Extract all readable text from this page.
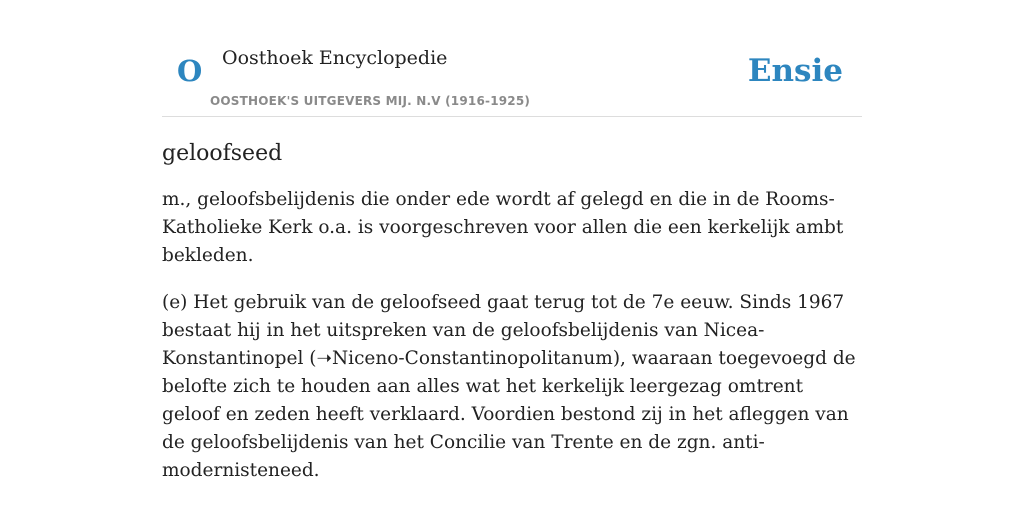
O Oosthoek Encyclopedie
OOSTHOEK'S UITGEVERS MIJ. N.V (1916-1925)
Ensie
geloofseed

m., geloofsbelijdenis die onder ede wordt af gelegd en die in de Rooms-Katholieke Kerk o.a. is voorgeschreven voor allen die een kerkelijk ambt bekleden.

(e) Het gebruik van de geloofseed gaat terug tot de 7e eeuw. Sinds 1967 bestaat hij in het uitspreken van de geloofsbelijdenis van Nicea-Konstantinopel (➝Niceno-Constantinopolitanum), waaraan toegevoegd de belofte zich te houden aan alles wat het kerkelijk leergezag omtrent geloof en zeden heeft verklaard. Voordien bestond zij in het afleggen van de geloofsbelijdenis van het Concilie van Trente en de zgn. anti-modernisteneed.
